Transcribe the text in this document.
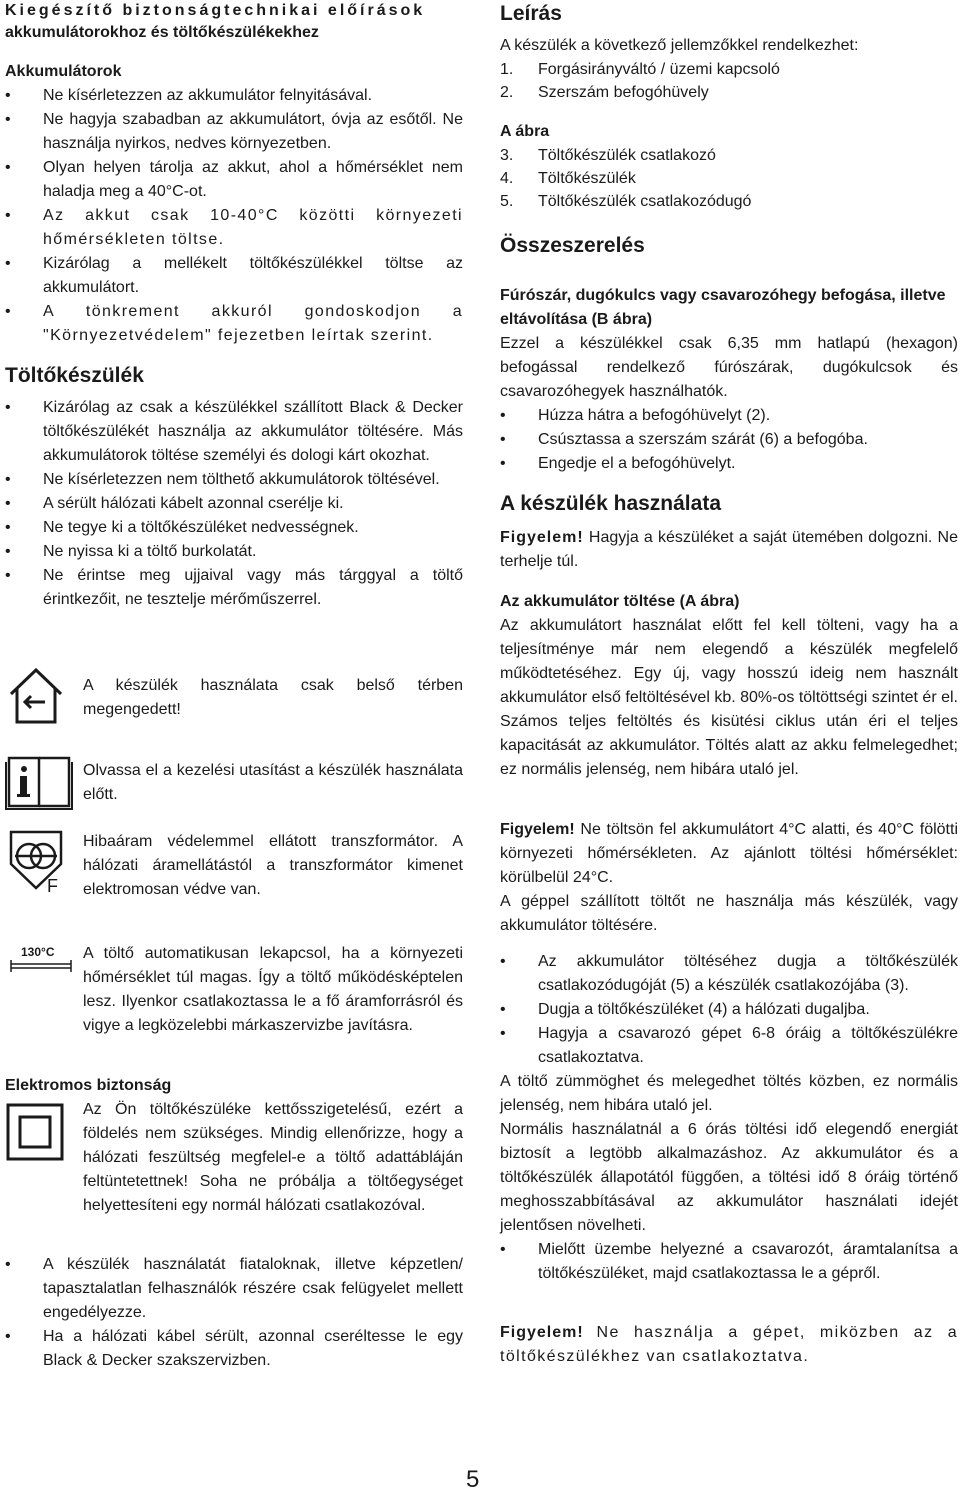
Kiegészítő biztonságtechnikai előírások
akkumulátorokhoz és töltőkészülékekhez
Akkumulátorok
• Ne kísérletezzen az akkumulátor felnyitásával.
• Ne hagyja szabadban az akkumulátort, óvja az esőtől. Ne használja nyirkos, nedves környezetben.
• Olyan helyen tárolja az akkut, ahol a hőmérséklet nem haladja meg a 40°C-ot.
• Az akkut csak 10-40°C közötti környezeti hőmérsékleten töltse.
• Kizárólag a mellékelt töltőkészülékkel töltse az akkumulátort.
• A tönkrement akkuról gondoskodjon a "Környezetvédelem" fejezetben leírtak szerint.
Töltőkészülék
• Kizárólag az csak a készülékkel szállított Black & Decker töltőkészülékét használja az akkumulátor töltésére. Más akkumulátorok töltése személyi és dologi kárt okozhat.
• Ne kísérletezzen nem tölthető akkumulátorok töltésével.
• A sérült hálózati kábelt azonnal cserélje ki.
• Ne tegye ki a töltőkészüléket nedvességnek.
• Ne nyissa ki a töltő burkolatát.
• Ne érintse meg ujjaival vagy más tárggyal a töltő érintkezőit, ne tesztelje mérőműszerrel.
A készülék használata csak belső térben megengedett!
Olvassa el a kezelési utasítást a készülék használata előtt.
F
Hibaáram védelemmel ellátott transzformátor. A hálózati áramellátástól a transzformátor kimenet elektromosan védve van.
130°C A töltő automatikusan lekapcsol, ha a környezeti hőmérséklet túl magas. Így a töltő működésképtelen lesz. Ilyenkor csatlakoztassa le a fő áramforrásról és vigye a legközelebbi márkaszervizbe javításra.
Elektromos biztonság
Az Ön töltőkészüléke kettősszigetelésű, ezért a földelés nem szükséges. Mindig ellenőrizze, hogy a hálózati feszültség megfelel-e a töltő adattábláján feltüntetettnek! Soha ne próbálja a töltőegységet helyettesíteni egy normál hálózati csatlakozóval.
• A készülék használatát fiataloknak, illetve képzetlen/ tapasztalatlan felhasználók részére csak felügyelet mellett engedélyezze.
• Ha a hálózati kábel sérült, azonnal cseréltesse le egy Black & Decker szakszervizben.
Leírás

A készülék a következő jellemzőkkel rendelkezhet:

1.	Forgásirányváltó / üzemi kapcsoló
2.	Szerszám befogóhüvely
A ábra
3.	Töltőkészülék csatlakozó
4.	Töltőkészülék
5.	Töltőkészülék csatlakozódugó
Összeszerelés
Fúrószár, dugókulcs vagy csavarozóhegy befogása, illetve eltávolítása (B ábra)

Ezzel a készülékkel csak 6,35 mm hatlapú (hexagon) befogással rendelkező fúrószárak, dugókulcsok és csavarozóhegyek használhatók.

• Húzza hátra a befogóhüvelyt (2).
• Csúsztassa a szerszám szárát (6) a befogóba.
• Engedje el a befogóhüvelyt.
A készülék használata

Figyelem! Hagyja a készüléket a saját ütemében dolgozni. Ne terhelje túl.

Az akkumulátor töltése (A ábra)

Az akkumulátort használat előtt fel kell tölteni, vagy ha a teljesítménye már nem elegendő a készülék megfelelő működtetéséhez. Egy új, vagy hosszú ideig nem használt akkumulátor első feltöltésével kb. 80%-os töltöttségi szintet ér el. Számos teljes feltöltés és kisütési ciklus után éri el teljes kapacitását az akkumulátor. Töltés alatt az akku felmelegedhet; ez normális jelenség, nem hibára utaló jel.

Figyelem! Ne töltsön fel akkumulátort 4°C alatti, és 40°C fölötti környezeti hőmérsékleten. Az ajánlott töltési hőmérséklet: körülbelül 24°C.

A géppel szállított töltőt ne használja más készülék, vagy akkumulátor töltésére.

• Az akkumulátor töltéséhez dugja a töltőkészülék csatlakozódugóját (5) a készülék csatlakozójába (3).
• Dugja a töltőkészüléket (4) a hálózati dugaljba.
• Hagyja a csavarozó gépet 6-8 óráig a töltőkészülékre csatlakoztatva.

A töltő zümmöghet és melegedhet töltés közben, ez normális jelenség, nem hibára utaló jel.

Normális használatnál a 6 órás töltési idő elegendő energiát biztosít a legtöbb alkalmazáshoz. Az akkumulátor és a töltőkészülék állapotától függően, a töltési idő 8 óráig történő meghosszabbításával az akkumulátor használati idejét jelentősen növelheti.

• Mielőtt üzembe helyezné a csavarozót, áramtalanítsa a töltőkészüléket, majd csatlakoztassa le a gépről.

Figyelem! Ne használja a gépet, miközben az a töltőkészülékhez van csatlakoztatva.

5
